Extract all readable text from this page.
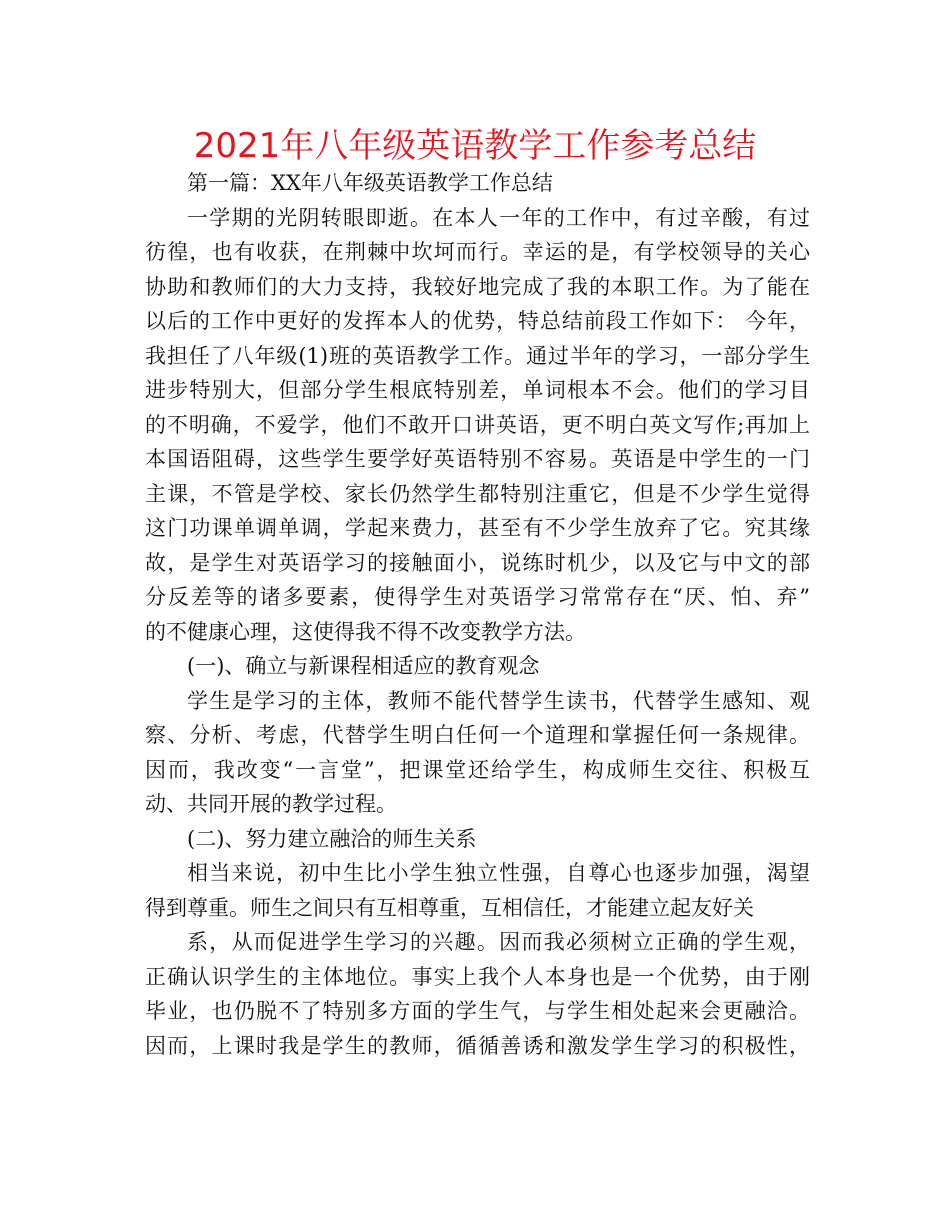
2021年八年级英语教学工作参考总结
第一篇：XX年八年级英语教学工作总结
一学期的光阴转眼即逝。在本人一年的工作中，有过辛酸，有过
彷徨，也有收获，在荆棘中坎坷而行。幸运的是，有学校领导的关心
协助和教师们的大力支持，我较好地完成了我的本职工作。为了能在
以后的工作中更好的发挥本人的优势，特总结前段工作如下： 今年，
我担任了八年级(1)班的英语教学工作。通过半年的学习，一部分学生
进步特别大，但部分学生根底特别差，单词根本不会。他们的学习目
的不明确，不爱学，他们不敢开口讲英语，更不明白英文写作;再加上
本国语阻碍，这些学生要学好英语特别不容易。英语是中学生的一门
主课，不管是学校、家长仍然学生都特别注重它，但是不少学生觉得
这门功课单调单调，学起来费力，甚至有不少学生放弃了它。究其缘
故，是学生对英语学习的接触面小，说练时机少，以及它与中文的部
分反差等的诸多要素，使得学生对英语学习常常存在“厌、怕、弃”
的不健康心理，这使得我不得不改变教学方法。
(一)、确立与新课程相适应的教育观念
学生是学习的主体，教师不能代替学生读书，代替学生感知、观
察、分析、考虑，代替学生明白任何一个道理和掌握任何一条规律。
因而，我改变“一言堂”，把课堂还给学生，构成师生交往、积极互
动、共同开展的教学过程。
(二)、努力建立融洽的师生关系
相当来说，初中生比小学生独立性强，自尊心也逐步加强，渴望
得到尊重。师生之间只有互相尊重，互相信任，才能建立起友好关
系，从而促进学生学习的兴趣。因而我必须树立正确的学生观，
正确认识学生的主体地位。事实上我个人本身也是一个优势，由于刚
毕业，也仍脱不了特别多方面的学生气，与学生相处起来会更融洽。
因而，上课时我是学生的教师，循循善诱和激发学生学习的积极性，
